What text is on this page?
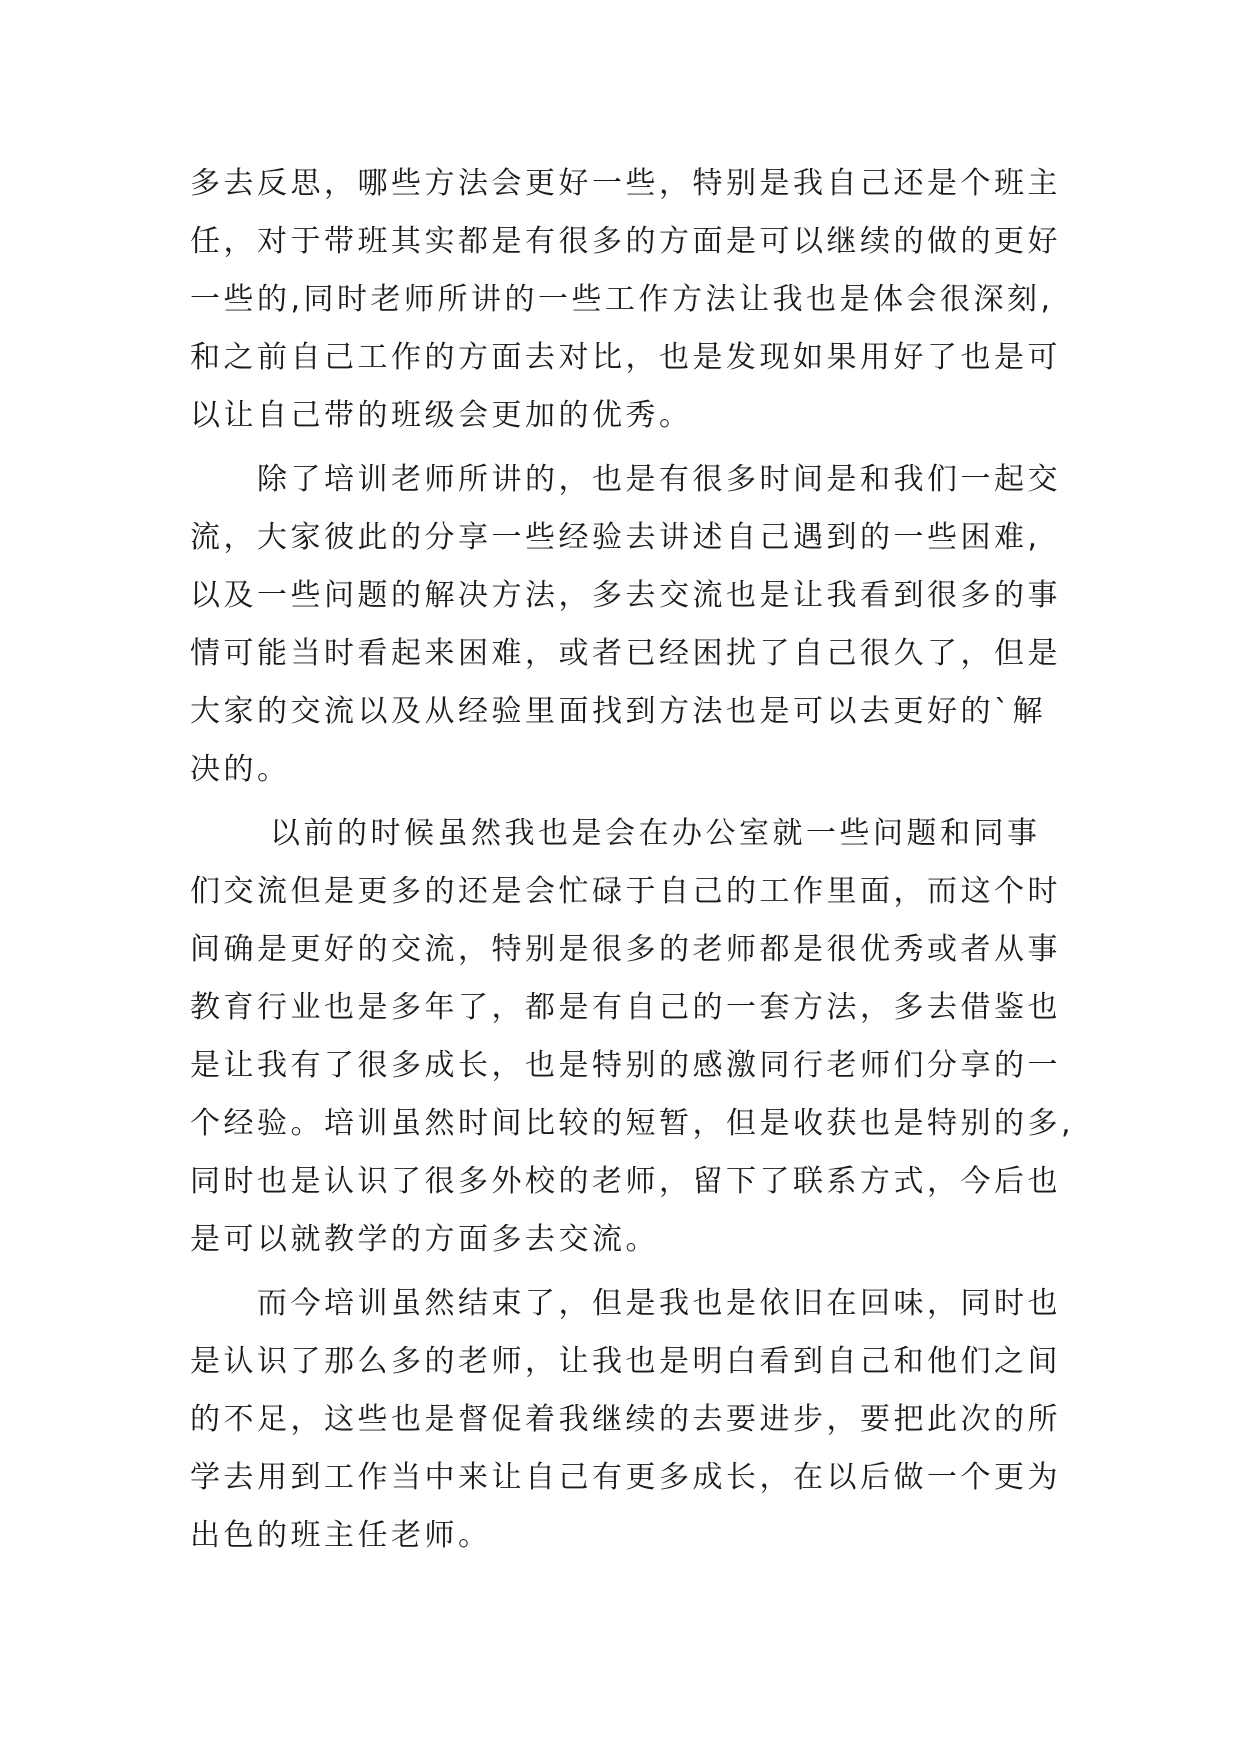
多去反思，哪些方法会更好一些，特别是我自己还是个班主
任，对于带班其实都是有很多的方面是可以继续的做的更好
一些的,同时老师所讲的一些工作方法让我也是体会很深刻,
和之前自己工作的方面去对比，也是发现如果用好了也是可
以让自己带的班级会更加的优秀。
　　除了培训老师所讲的，也是有很多时间是和我们一起交
流，大家彼此的分享一些经验去讲述自己遇到的一些困难,
以及一些问题的解决方法，多去交流也是让我看到很多的事
情可能当时看起来困难，或者已经困扰了自己很久了，但是
大家的交流以及从经验里面找到方法也是可以去更好的`解
决的。
　　 以前的时候虽然我也是会在办公室就一些问题和同事
们交流但是更多的还是会忙碌于自己的工作里面，而这个时
间确是更好的交流，特别是很多的老师都是很优秀或者从事
教育行业也是多年了，都是有自己的一套方法，多去借鉴也
是让我有了很多成长，也是特别的感激同行老师们分享的一
个经验。培训虽然时间比较的短暂，但是收获也是特别的多,
同时也是认识了很多外校的老师，留下了联系方式，今后也
是可以就教学的方面多去交流。
　　而今培训虽然结束了，但是我也是依旧在回味，同时也
是认识了那么多的老师，让我也是明白看到自己和他们之间
的不足，这些也是督促着我继续的去要进步，要把此次的所
学去用到工作当中来让自己有更多成长，在以后做一个更为
出色的班主任老师。
